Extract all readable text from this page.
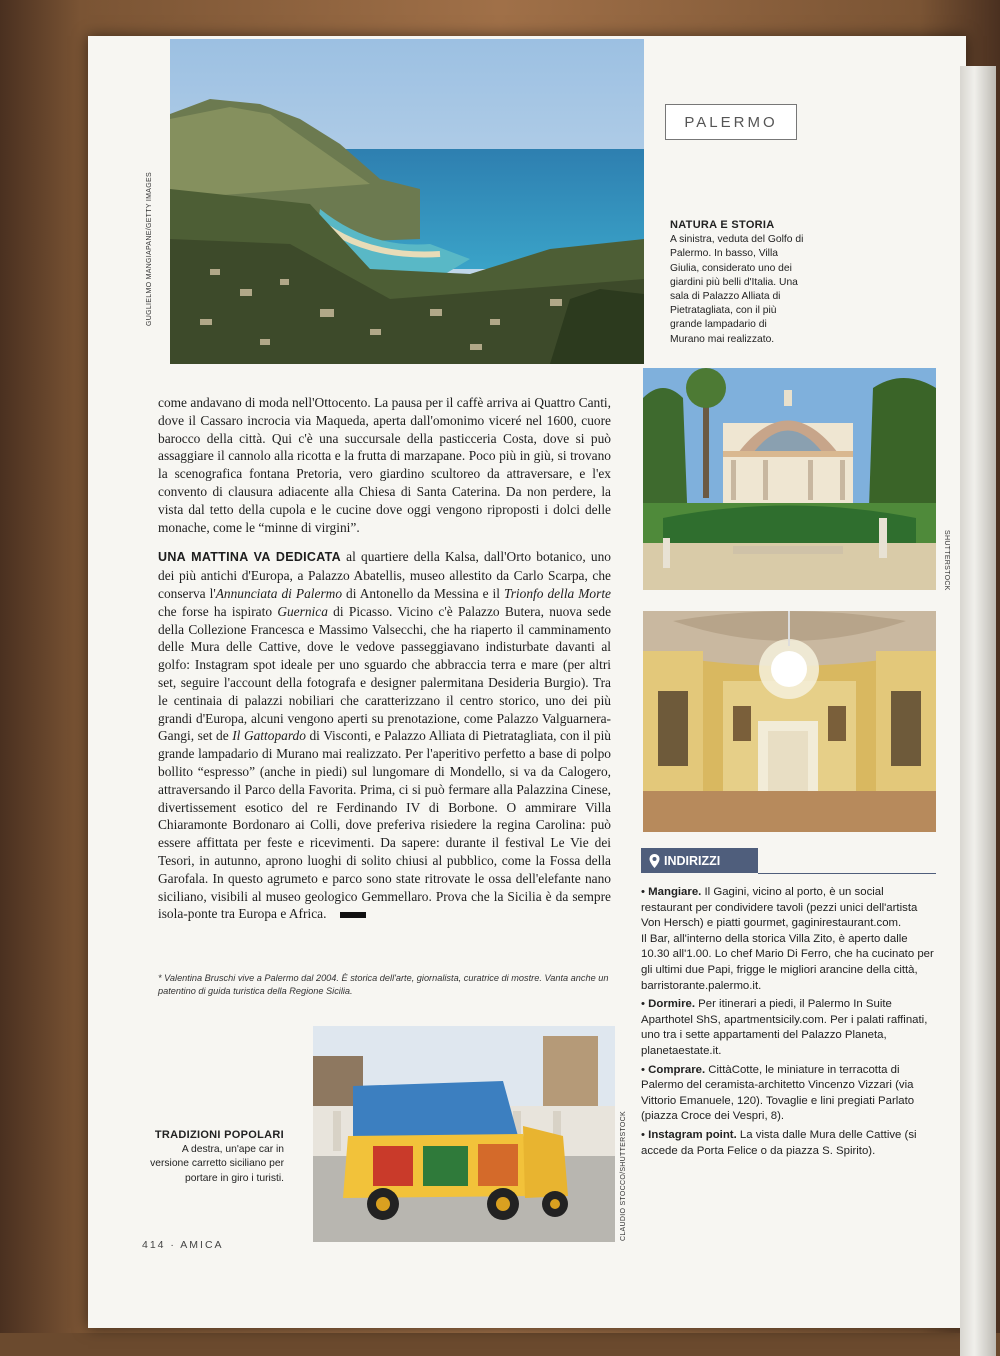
GUGLIELMO MANGIAPANE/GETTY IMAGES
PALERMO
NATURA E STORIA
A sinistra, veduta del Golfo di Palermo. In basso, Villa Giulia, considerato uno dei giardini più belli d'Italia. Una sala di Palazzo Alliata di Pietratagliata, con il più grande lampadario di Murano mai realizzato.
SHUTTERSTOCK

come andavano di moda nell'Ottocento. La pausa per il caffè arriva ai Quattro Canti, dove il Cassaro incrocia via Maqueda, aperta dall'omonimo viceré nel 1600, cuore barocco della città. Qui c'è una succursale della pasticceria Costa, dove si può assaggiare il cannolo alla ricotta e la frutta di marzapane. Poco più in giù, si trovano la scenografica fontana Pretoria, vero giardino scultoreo da attraversare, e l'ex convento di clausura adiacente alla Chiesa di Santa Caterina. Da non perdere, la vista dal tetto della cupola e le cucine dove oggi vengono riproposti i dolci delle monache, come le “minne di virgini”.

UNA MATTINA VA DEDICATA al quartiere della Kalsa, dall'Orto botanico, uno dei più antichi d'Europa, a Palazzo Abatellis, museo allestito da Carlo Scarpa, che conserva l'Annunciata di Palermo di Antonello da Messina e il Trionfo della Morte che forse ha ispirato Guernica di Picasso. Vicino c'è Palazzo Butera, nuova sede della Collezione Francesca e Massimo Valsecchi, che ha riaperto il camminamento delle Mura delle Cattive, dove le vedove passeggiavano indisturbate davanti al golfo: Instagram spot ideale per uno sguardo che abbraccia terra e mare (per altri set, seguire l'account della fotografa e designer palermitana Desideria Burgio). Tra le centinaia di palazzi nobiliari che caratterizzano il centro storico, uno dei più grandi d'Europa, alcuni vengono aperti su prenotazione, come Palazzo Valguarnera-Gangi, set de Il Gattopardo di Visconti, e Palazzo Alliata di Pietratagliata, con il più grande lampadario di Murano mai realizzato. Per l'aperitivo perfetto a base di polpo bollito “espresso” (anche in piedi) sul lungomare di Mondello, si va da Calogero, attraversando il Parco della Favorita. Prima, ci si può fermare alla Palazzina Cinese, divertissement esotico del re Ferdinando IV di Borbone. O ammirare Villa Chiaramonte Bordonaro ai Colli, dove preferiva risiedere la regina Carolina: può essere affittata per feste e ricevimenti. Da sapere: durante il festival Le Vie dei Tesori, in autunno, aprono luoghi di solito chiusi al pubblico, come la Fossa della Garofala. In questo agrumeto e parco sono state ritrovate le ossa dell'elefante nano siciliano, visibili al museo geologico Gemmellaro. Prova che la Sicilia è da sempre isola-ponte tra Europa e Africa.

* Valentina Bruschi vive a Palermo dal 2004. È storica dell'arte, giornalista, curatrice di mostre. Vanta anche un patentino di guida turistica della Regione Sicilia.
INDIRIZZI

• Mangiare. Il Gagini, vicino al porto, è un social restaurant per condividere tavoli (pezzi unici dell'artista Von Hersch) e piatti gourmet, gaginirestaurant.com.
Il Bar, all'interno della storica Villa Zito, è aperto dalle 10.30 all'1.00. Lo chef Mario Di Ferro, che ha cucinato per gli ultimi due Papi, frigge le migliori arancine della città, barristorante.palermo.it.

• Dormire. Per itinerari a piedi, il Palermo In Suite Aparthotel ShS, apartmentsicily.com. Per i palati raffinati, uno tra i sette appartamenti del Palazzo Planeta, planetaestate.it.

• Comprare. CittàCotte, le miniature in terracotta di Palermo del ceramista-architetto Vincenzo Vizzari (via Vittorio Emanuele, 120). Tovaglie e lini pregiati Parlato (piazza Croce dei Vespri, 8).

• Instagram point. La vista dalle Mura delle Cattive (si accede da Porta Felice o da piazza S. Spirito).

CLAUDIO STOCCO/SHUTTERSTOCK
TRADIZIONI POPOLARI
A destra, un'ape car in versione carretto siciliano per portare in giro i turisti.
414 · AMICA
